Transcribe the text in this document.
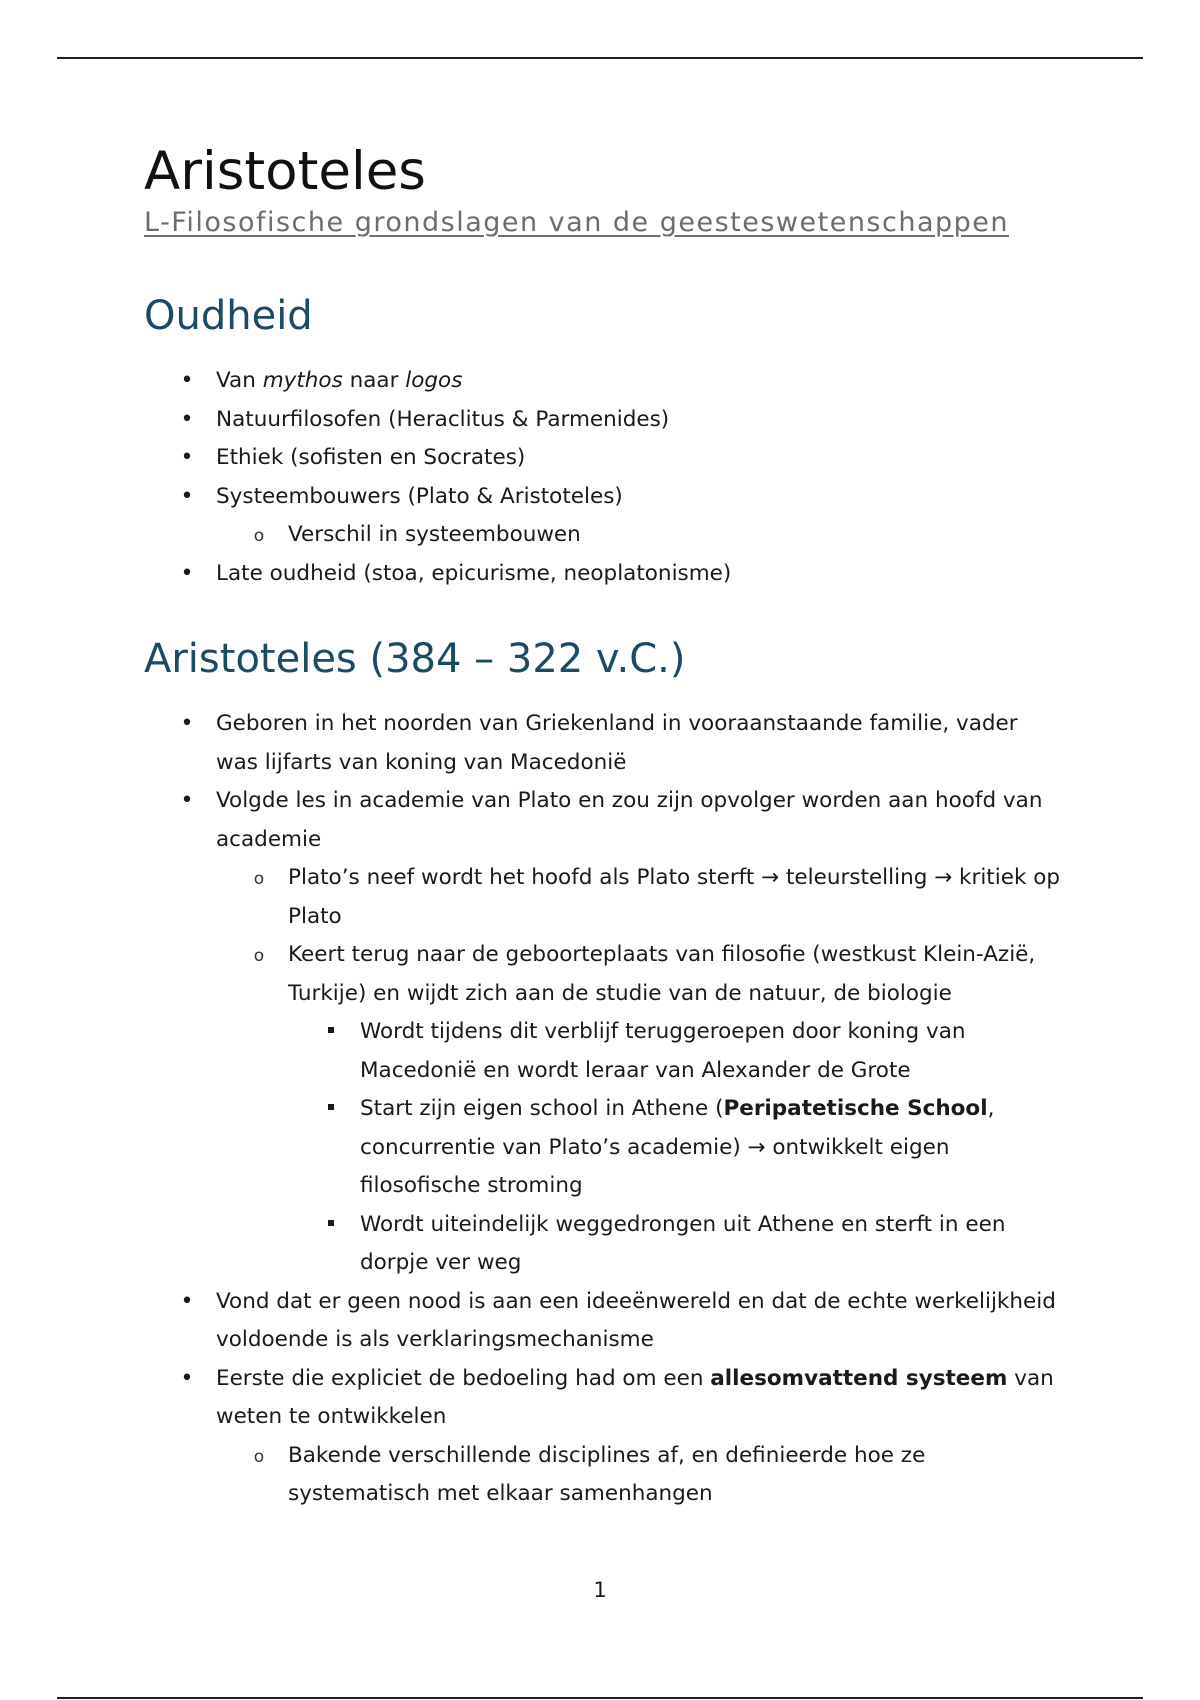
Aristoteles
L-Filosofische grondslagen van de geesteswetenschappen
Oudheid
•
Van mythos naar logos
•
Natuurfilosofen (Heraclitus & Parmenides)
•
Ethiek (sofisten en Socrates)
•
Systeembouwers (Plato & Aristoteles)
o
Verschil in systeembouwen
•
Late oudheid (stoa, epicurisme, neoplatonisme)
Aristoteles (384 – 322 v.C.)
•
Geboren in het noorden van Griekenland in vooraanstaande familie, vader was lijfarts van koning van Macedonië
•
Volgde les in academie van Plato en zou zijn opvolger worden aan hoofd van academie
o
Plato’s neef wordt het hoofd als Plato sterft → teleurstelling → kritiek op Plato
o
Keert terug naar de geboorteplaats van filosofie (westkust Klein-Azië, Turkije) en wijdt zich aan de studie van de natuur, de biologie
Wordt tijdens dit verblijf teruggeroepen door koning van Macedonië en wordt leraar van Alexander de Grote
Start zijn eigen school in Athene (Peripatetische School, concurrentie van Plato’s academie) → ontwikkelt eigen filosofische stroming
Wordt uiteindelijk weggedrongen uit Athene en sterft in een dorpje ver weg
•
Vond dat er geen nood is aan een ideeënwereld en dat de echte werkelijkheid voldoende is als verklaringsmechanisme
•
Eerste die expliciet de bedoeling had om een allesomvattend systeem van weten te ontwikkelen
o
Bakende verschillende disciplines af, en definieerde hoe ze systematisch met elkaar samenhangen
1
